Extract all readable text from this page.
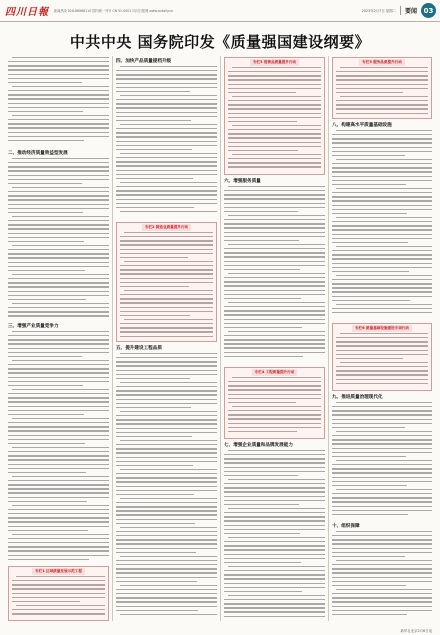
四川日報 新闻热线 028-86968110 国内统一刊号 CN 51-0001 四川日报网 www.scdaily.cn	2023年2月7日 星期二	要闻 03
中共中央 国务院印发《质量强国建设纲要》
二、推动经济质量效益型发展
三、增强产业质量竞争力
专栏1 区域质量发展示范工程
四、加快产品质量提档升级
专栏2 制造业质量提升行动
五、提升建设工程品质
专栏3 消费品质量提升行动
六、增强服务质量
专栏4 工程质量提升行动
七、增强企业质量和品牌发展能力
专栏5 服务品质提升行动
八、构建高水平质量基础设施
专栏6 质量基础设施建设专项行动
九、推进质量治理现代化
十、组织保障
新华社北京2月6日电
